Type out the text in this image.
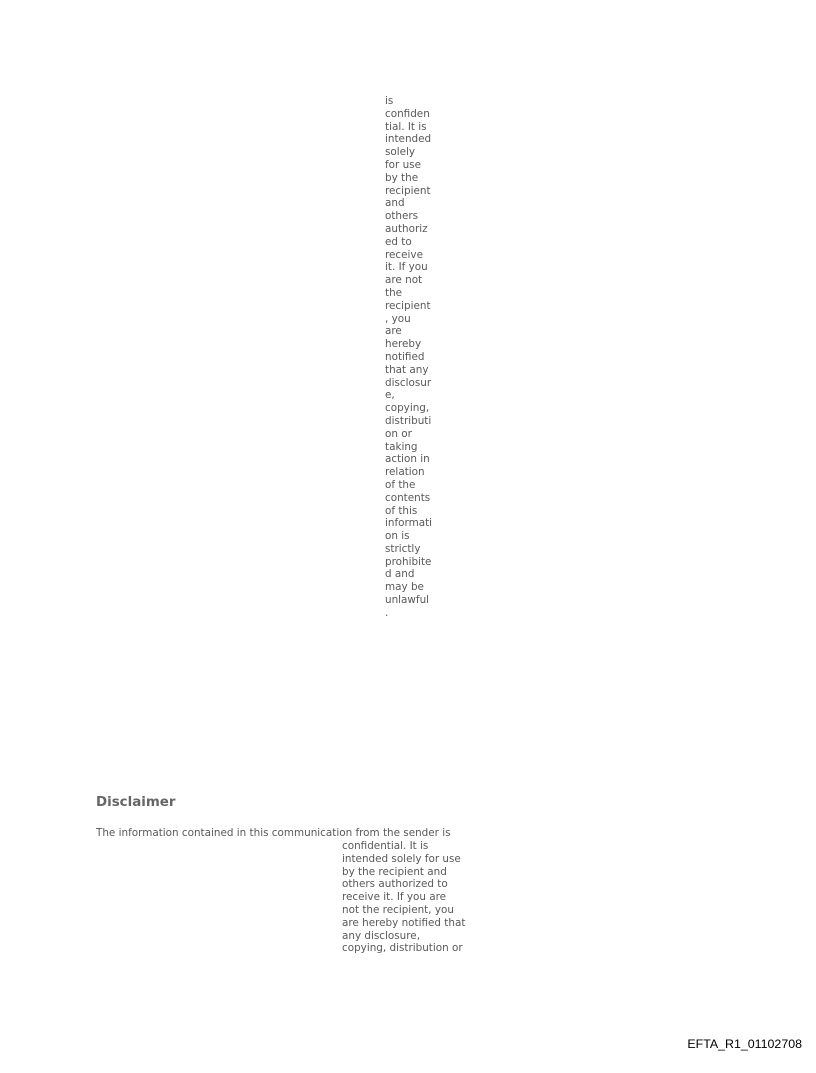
is
confiden
tial. It is
intended
solely
for use
by the
recipient
and
others
authoriz
ed to
receive
it. If you
are not
the
recipient
, you
are
hereby
notified
that any
disclosur
e,
copying,
distributi
on or
taking
action in
relation
of the
contents
of this
informati
on is
strictly
prohibite
d and
may be
unlawful
.
Disclaimer
The information contained in this communication from the sender is
confidential. It is
intended solely for use
by the recipient and
others authorized to
receive it. If you are
not the recipient, you
are hereby notified that
any disclosure,
copying, distribution or
EFTA_R1_01102708
